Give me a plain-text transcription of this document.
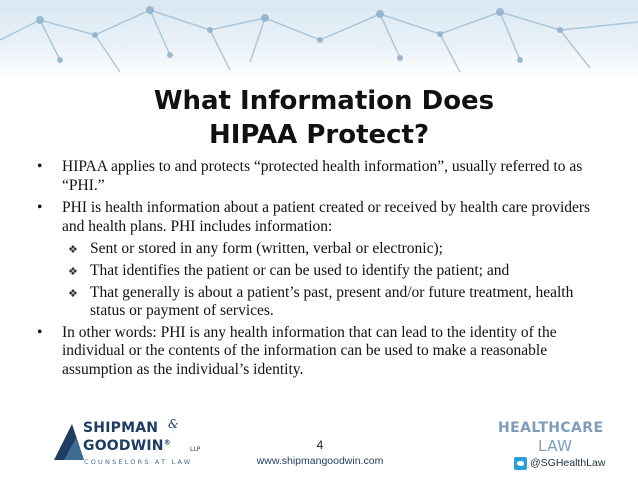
What Information Does
HIPAA Protect?
• HIPAA applies to and protects “protected health information”, usually referred to as “PHI.”
• PHI is health information about a patient created or received by health care providers and health plans. PHI includes information:
❖ Sent or stored in any form (written, verbal or electronic);
❖ That identifies the patient or can be used to identify the patient; and
❖ That generally is about a patient’s past, present and/or future treatment, health status or payment of services.
• In other words: PHI is any health information that can lead to the identity of the individual or the contents of the information can be used to make a reasonable assumption as the individual’s identity.
SHIPMAN &
GOODWIN®
LLP
COUNSELORS AT LAW
4
www.shipmangoodwin.com
HEALTHCARE
LAW
@SGHealthLaw
